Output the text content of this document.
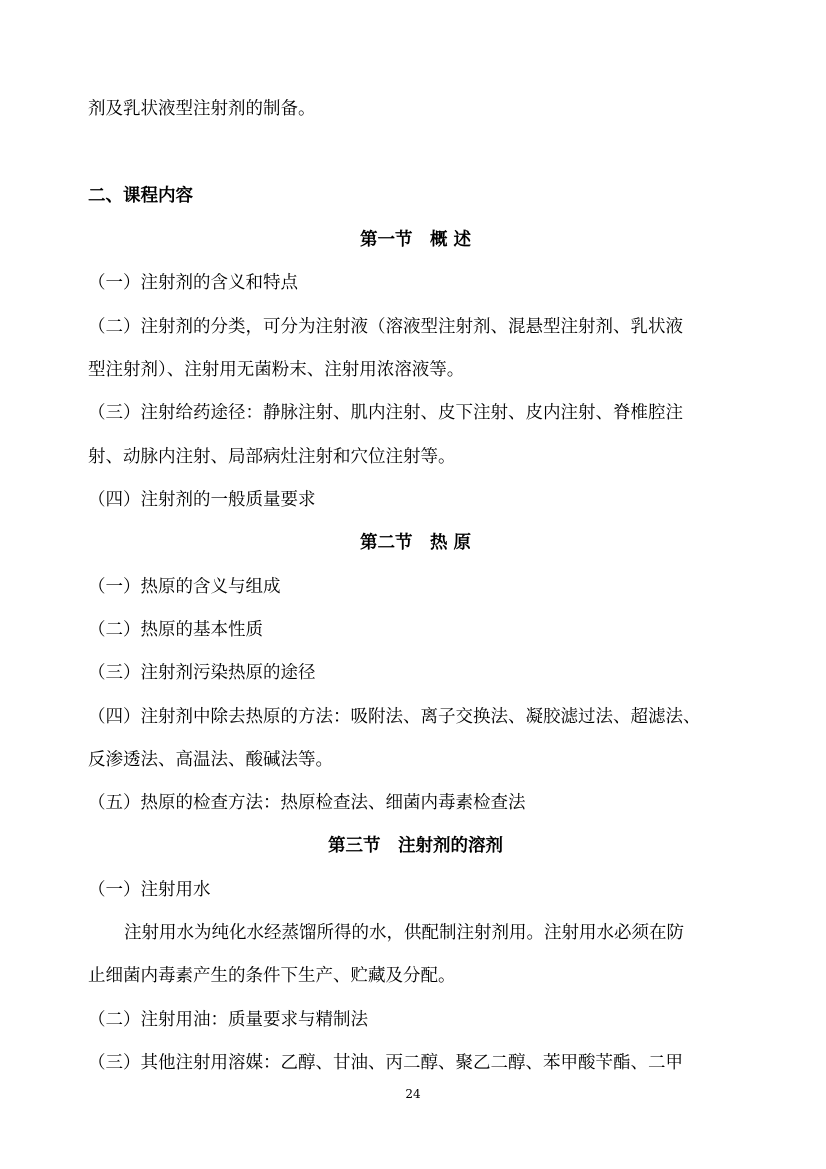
剂及乳状液型注射剂的制备。
二、课程内容
第一节　概 述
（一）注射剂的含义和特点
（二）注射剂的分类，可分为注射液（溶液型注射剂、混悬型注射剂、乳状液
型注射剂）、注射用无菌粉末、注射用浓溶液等。
（三）注射给药途径：静脉注射、肌内注射、皮下注射、皮内注射、脊椎腔注
射、动脉内注射、局部病灶注射和穴位注射等。
（四）注射剂的一般质量要求
第二节　热 原
（一）热原的含义与组成
（二）热原的基本性质
（三）注射剂污染热原的途径
（四）注射剂中除去热原的方法：吸附法、离子交换法、凝胶滤过法、超滤法、
反渗透法、高温法、酸碱法等。
（五）热原的检查方法：热原检查法、细菌内毒素检查法
第三节　注射剂的溶剂
（一）注射用水
注射用水为纯化水经蒸馏所得的水，供配制注射剂用。注射用水必须在防
止细菌内毒素产生的条件下生产、贮藏及分配。
（二）注射用油：质量要求与精制法
（三）其他注射用溶媒：乙醇、甘油、丙二醇、聚乙二醇、苯甲酸苄酯、二甲
24
